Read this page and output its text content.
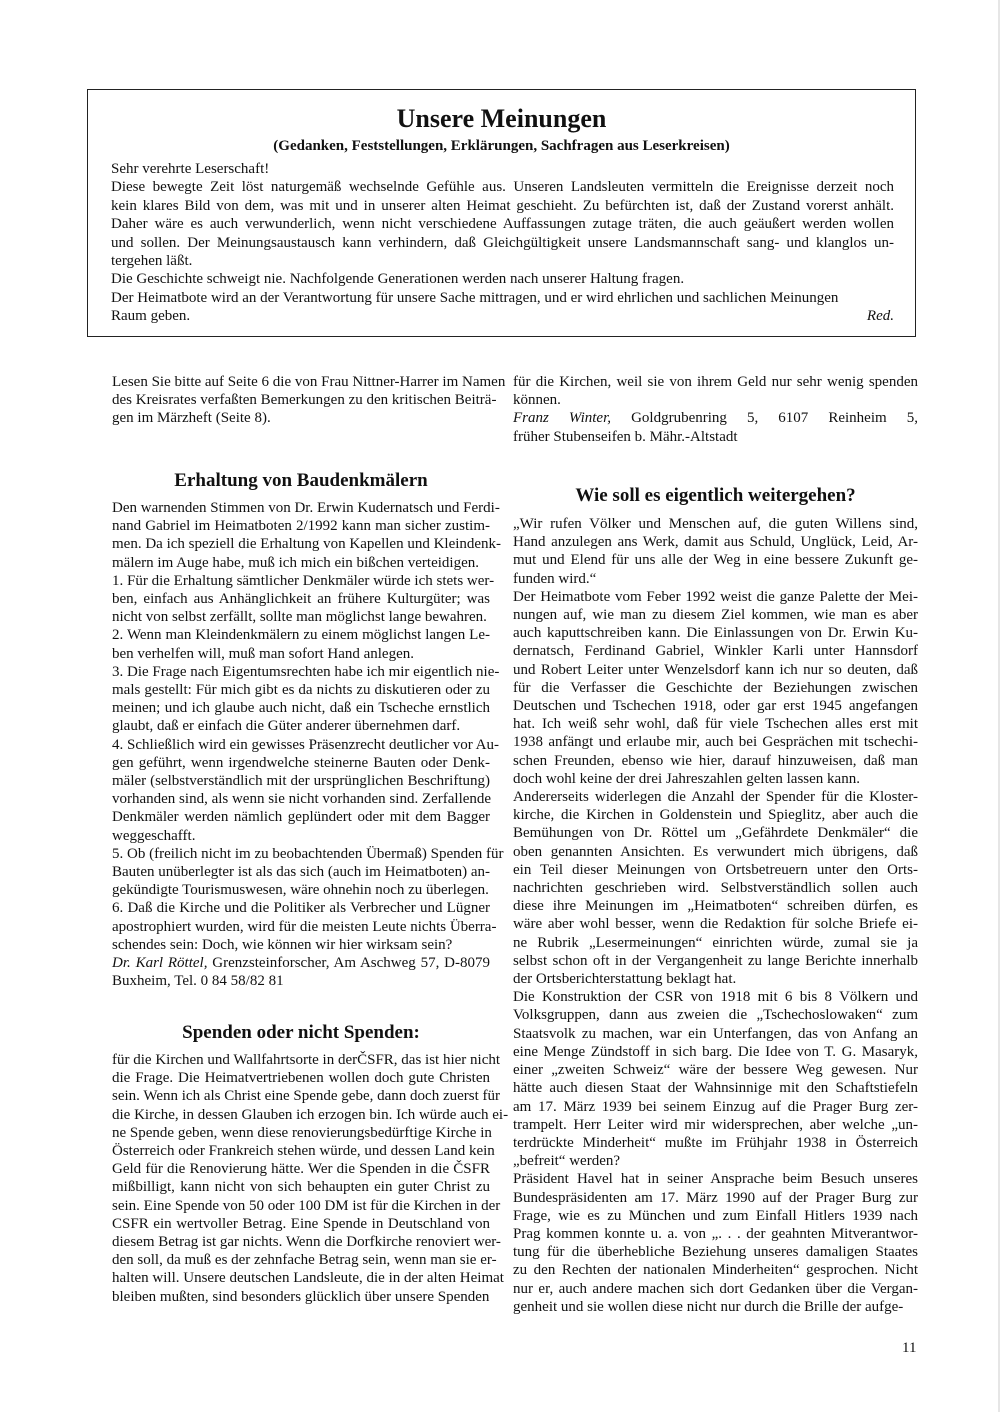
Unsere Meinungen
(Gedanken, Feststellungen, Erklärungen, Sachfragen aus Leserkreisen)
Sehr verehrte Leserschaft!
Diese bewegte Zeit löst naturgemäß wechselnde Gefühle aus. Unseren Landsleuten vermitteln die Ereignisse derzeit noch
kein klares Bild von dem, was mit und in unserer alten Heimat geschieht. Zu befürchten ist, daß der Zustand vorerst anhält.
Daher wäre es auch verwunderlich, wenn nicht verschiedene Auffassungen zutage träten, die auch geäußert werden wollen
und sollen. Der Meinungsaustausch kann verhindern, daß Gleichgültigkeit unsere Landsmannschaft sang- und klanglos un-
tergehen läßt.
Die Geschichte schweigt nie. Nachfolgende Generationen werden nach unserer Haltung fragen.
Der Heimatbote wird an der Verantwortung für unsere Sache mittragen, und er wird ehrlichen und sachlichen Meinungen
Raum geben.	Red.
Lesen Sie bitte auf Seite 6 die von Frau Nittner-Harrer im Namen
des Kreisrates verfaßten Bemerkungen zu den kritischen Beiträ-
gen im Märzheft (Seite 8).
Erhaltung von Baudenkmälern
Den warnenden Stimmen von Dr. Erwin Kudernatsch und Ferdi-
nand Gabriel im Heimatboten 2/1992 kann man sicher zustim-
men. Da ich speziell die Erhaltung von Kapellen und Kleindenk-
mälern im Auge habe, muß ich mich ein bißchen verteidigen.
1. Für die Erhaltung sämtlicher Denkmäler würde ich stets wer-
ben, einfach aus Anhänglichkeit an frühere Kulturgüter; was
nicht von selbst zerfällt, sollte man möglichst lange bewahren.
2. Wenn man Kleindenkmälern zu einem möglichst langen Le-
ben verhelfen will, muß man sofort Hand anlegen.
3. Die Frage nach Eigentumsrechten habe ich mir eigentlich nie-
mals gestellt: Für mich gibt es da nichts zu diskutieren oder zu
meinen; und ich glaube auch nicht, daß ein Tscheche ernstlich
glaubt, daß er einfach die Güter anderer übernehmen darf.
4. Schließlich wird ein gewisses Präsenzrecht deutlicher vor Au-
gen geführt, wenn irgendwelche steinerne Bauten oder Denk-
mäler (selbstverständlich mit der ursprünglichen Beschriftung)
vorhanden sind, als wenn sie nicht vorhanden sind. Zerfallende
Denkmäler werden nämlich geplündert oder mit dem Bagger
weggeschafft.
5. Ob (freilich nicht im zu beobachtenden Übermaß) Spenden für
Bauten unüberlegter ist als das sich (auch im Heimatboten) an-
gekündigte Tourismuswesen, wäre ohnehin noch zu überlegen.
6. Daß die Kirche und die Politiker als Verbrecher und Lügner
apostrophiert wurden, wird für die meisten Leute nichts Überra-
schendes sein: Doch, wie können wir hier wirksam sein?
Dr. Karl Röttel, Grenzsteinforscher, Am Aschweg 57, D-8079
Buxheim, Tel. 0 84 58/82 81
Spenden oder nicht Spenden:
für die Kirchen und Wallfahrtsorte in derČSFR, das ist hier nicht
die Frage. Die Heimatvertriebenen wollen doch gute Christen
sein. Wenn ich als Christ eine Spende gebe, dann doch zuerst für
die Kirche, in dessen Glauben ich erzogen bin. Ich würde auch ei-
ne Spende geben, wenn diese renovierungsbedürftige Kirche in
Österreich oder Frankreich stehen würde, und dessen Land kein
Geld für die Renovierung hätte. Wer die Spenden in die ČSFR
mißbilligt, kann nicht von sich behaupten ein guter Christ zu
sein. Eine Spende von 50 oder 100 DM ist für die Kirchen in der
CSFR ein wertvoller Betrag. Eine Spende in Deutschland von
diesem Betrag ist gar nichts. Wenn die Dorfkirche renoviert wer-
den soll, da muß es der zehnfache Betrag sein, wenn man sie er-
halten will. Unsere deutschen Landsleute, die in der alten Heimat
bleiben mußten, sind besonders glücklich über unsere Spenden
für die Kirchen, weil sie von ihrem Geld nur sehr wenig spenden
können.
Franz Winter, Goldgrubenring 5, 6107 Reinheim 5,
früher Stubenseifen b. Mähr.-Altstadt
Wie soll es eigentlich weitergehen?
„Wir rufen Völker und Menschen auf, die guten Willens sind,
Hand anzulegen ans Werk, damit aus Schuld, Unglück, Leid, Ar-
mut und Elend für uns alle der Weg in eine bessere Zukunft ge-
funden wird.“
Der Heimatbote vom Feber 1992 weist die ganze Palette der Mei-
nungen auf, wie man zu diesem Ziel kommen, wie man es aber
auch kaputtschreiben kann. Die Einlassungen von Dr. Erwin Ku-
dernatsch, Ferdinand Gabriel, Winkler Karli unter Hannsdorf
und Robert Leiter unter Wenzelsdorf kann ich nur so deuten, daß
für die Verfasser die Geschichte der Beziehungen zwischen
Deutschen und Tschechen 1918, oder gar erst 1945 angefangen
hat. Ich weiß sehr wohl, daß für viele Tschechen alles erst mit
1938 anfängt und erlaube mir, auch bei Gesprächen mit tschechi-
schen Freunden, ebenso wie hier, darauf hinzuweisen, daß man
doch wohl keine der drei Jahreszahlen gelten lassen kann.
Andererseits widerlegen die Anzahl der Spender für die Kloster-
kirche, die Kirchen in Goldenstein und Spieglitz, aber auch die
Bemühungen von Dr. Röttel um „Gefährdete Denkmäler“ die
oben genannten Ansichten. Es verwundert mich übrigens, daß
ein Teil dieser Meinungen von Ortsbetreuern unter den Orts-
nachrichten geschrieben wird. Selbstverständlich sollen auch
diese ihre Meinungen im „Heimatboten“ schreiben dürfen, es
wäre aber wohl besser, wenn die Redaktion für solche Briefe ei-
ne Rubrik „Lesermeinungen“ einrichten würde, zumal sie ja
selbst schon oft in der Vergangenheit zu lange Berichte innerhalb
der Ortsberichterstattung beklagt hat.
Die Konstruktion der CSR von 1918 mit 6 bis 8 Völkern und
Volksgruppen, dann aus zweien die „Tschechoslowaken“ zum
Staatsvolk zu machen, war ein Unterfangen, das von Anfang an
eine Menge Zündstoff in sich barg. Die Idee von T. G. Masaryk,
einer „zweiten Schweiz“ wäre der bessere Weg gewesen. Nur
hätte auch diesen Staat der Wahnsinnige mit den Schaftstiefeln
am 17. März 1939 bei seinem Einzug auf die Prager Burg zer-
trampelt. Herr Leiter wird mir widersprechen, aber welche „un-
terdrückte Minderheit“ mußte im Frühjahr 1938 in Österreich
„befreit“ werden?
Präsident Havel hat in seiner Ansprache beim Besuch unseres
Bundespräsidenten am 17. März 1990 auf der Prager Burg zur
Frage, wie es zu München und zum Einfall Hitlers 1939 nach
Prag kommen konnte u. a. von „. . . der geahnten Mitverantwor-
tung für die überhebliche Beziehung unseres damaligen Staates
zu den Rechten der nationalen Minderheiten“ gesprochen. Nicht
nur er, auch andere machen sich dort Gedanken über die Vergan-
genheit und sie wollen diese nicht nur durch die Brille der aufge-
11
